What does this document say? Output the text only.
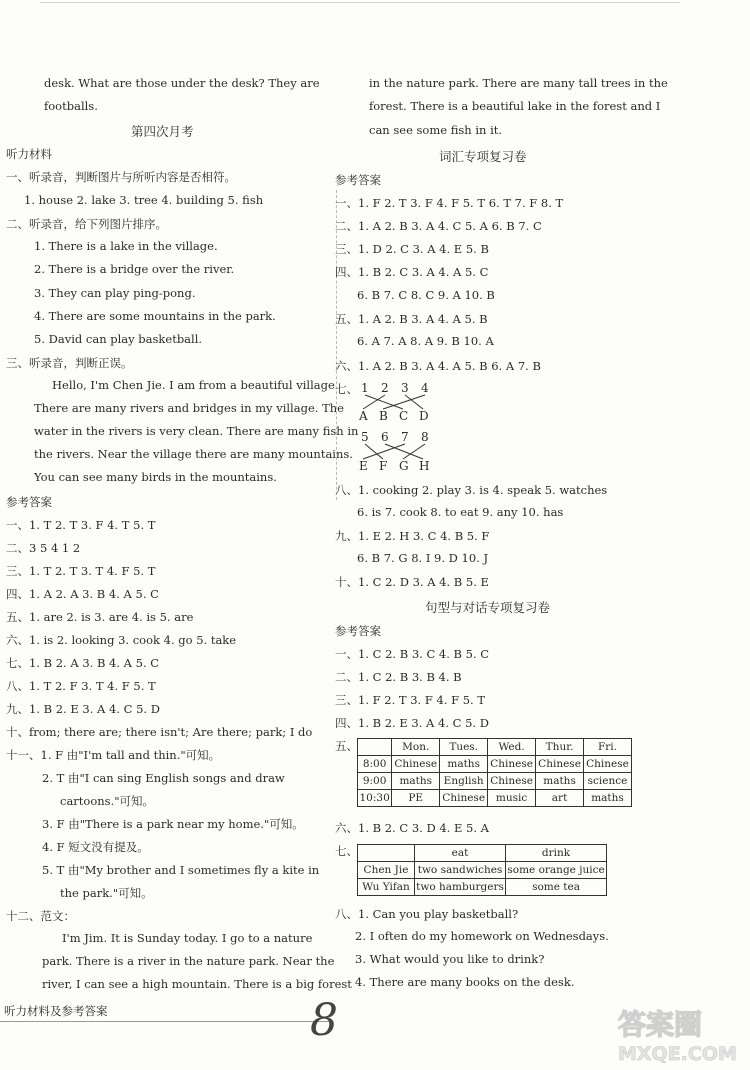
desk. What are those under the desk? They are
footballs.
第四次月考
听力材料
一、听录音，判断图片与所听内容是否相符。
1. house 2. lake 3. tree 4. building 5. fish
二、听录音，给下列图片排序。
1. There is a lake in the village.
2. There is a bridge over the river.
3. They can play ping-pong.
4. There are some mountains in the park.
5. David can play basketball.
三、听录音，判断正误。
Hello, I'm Chen Jie. I am from a beautiful village.
There are many rivers and bridges in my village. The
water in the rivers is very clean. There are many fish in
the rivers. Near the village there are many mountains.
You can see many birds in the mountains.
参考答案
一、1. T 2. T 3. F 4. T 5. T
二、3 5 4 1 2
三、1. T 2. T 3. T 4. F 5. T
四、1. A 2. A 3. B 4. A 5. C
五、1. are 2. is 3. are 4. is 5. are
六、1. is 2. looking 3. cook 4. go 5. take
七、1. B 2. A 3. B 4. A 5. C
八、1. T 2. F 3. T 4. F 5. T
九、1. B 2. E 3. A 4. C 5. D
十、from; there are; there isn't; Are there; park; I do
十一、1. F 由"I'm tall and thin."可知。
2. T 由"I can sing English songs and draw
cartoons."可知。
3. F 由"There is a park near my home."可知。
4. F 短文没有提及。
5. T 由"My brother and I sometimes fly a kite in
the park."可知。
十二、范文：
I'm Jim. It is Sunday today. I go to a nature
park. There is a river in the nature park. Near the
river, I can see a high mountain. There is a big forest
1 2 3 4
A B C D
5 6 7 8
E F G H
	Mon.	Tues.	Wed.	Thur.	Fri.
8:00	Chinese	maths	Chinese	Chinese	Chinese
9:00	maths	English	Chinese	maths	science
10:30	PE	Chinese	music	art	maths
	eat	drink
Chen Jie	two sandwiches	some orange juice
Wu Yifan	two hamburgers	some tea
in the nature park. There are many tall trees in the
forest. There is a beautiful lake in the forest and I
can see some fish in it.
词汇专项复习卷
参考答案
一、1. F 2. T 3. F 4. F 5. T 6. T 7. F 8. T
二、1. A 2. B 3. A 4. C 5. A 6. B 7. C
三、1. D 2. C 3. A 4. E 5. B
四、1. B 2. C 3. A 4. A 5. C
6. B 7. C 8. C 9. A 10. B
五、1. A 2. B 3. A 4. A 5. B
6. A 7. A 8. A 9. B 10. A
六、1. A 2. B 3. A 4. A 5. B 6. A 7. B
七、
八、1. cooking 2. play 3. is 4. speak 5. watches
6. is 7. cook 8. to eat 9. any 10. has
九、1. E 2. H 3. C 4. B 5. F
6. B 7. G 8. I 9. D 10. J
十、1. C 2. D 3. A 4. B 5. E
句型与对话专项复习卷
参考答案
一、1. C 2. B 3. C 4. B 5. C
二、1. C 2. B 3. B 4. B
三、1. F 2. T 3. F 4. F 5. T
四、1. B 2. E 3. A 4. C 5. D
五、
六、1. B 2. C 3. D 4. E 5. A
七、
八、1. Can you play basketball?
2. I often do my homework on Wednesdays.
3. What would you like to drink?
4. There are many books on the desk.
听力材料及参考答案	8	答案圈
MXQE.COM
